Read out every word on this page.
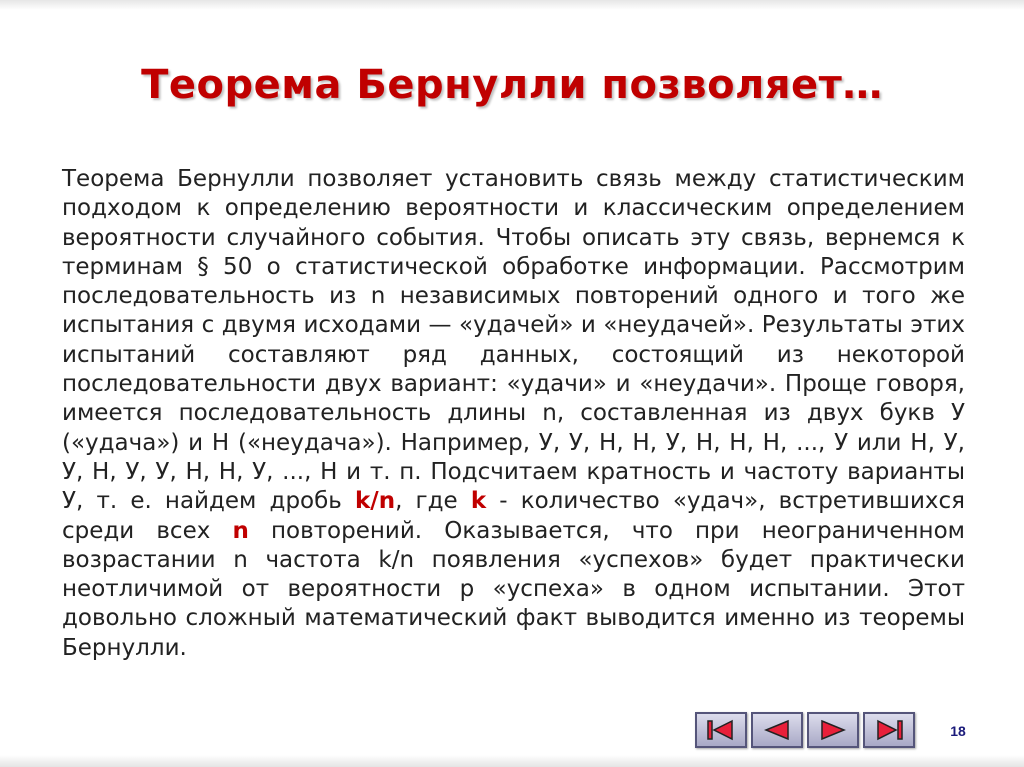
Теорема Бернулли позволяет…
Теорема Бернулли позволяет установить связь между статистическим подходом к определению вероятности и классическим определением вероятности случайного события. Чтобы описать эту связь, вернемся к терминам § 50 о статистической обработке информации. Рассмотрим последовательность из n независимых повторений одного и того же испытания с двумя исходами — «удачей» и «неудачей». Результаты этих испытаний составляют ряд данных, состоящий из некоторой последовательности двух вариант: «удачи» и «неудачи». Проще говоря, имеется последовательность длины n, составленная из двух букв У («удача») и Н («неудача»). Например, У, У, Н, Н, У, Н, Н, Н, ..., У или Н, У, У, Н, У, У, Н, Н, У, ..., Н и т. п. Подсчитаем кратность и частоту варианты У, т. е. найдем дробь k/n, где k - количество «удач», встретившихся среди всех n повторений. Оказывается, что при неограниченном возрастании n частота k/n появления «успехов» будет практически неотличимой от вероятности р «успеха» в одном испытании. Этот довольно сложный математический факт выводится именно из теоремы Бернулли.
18
